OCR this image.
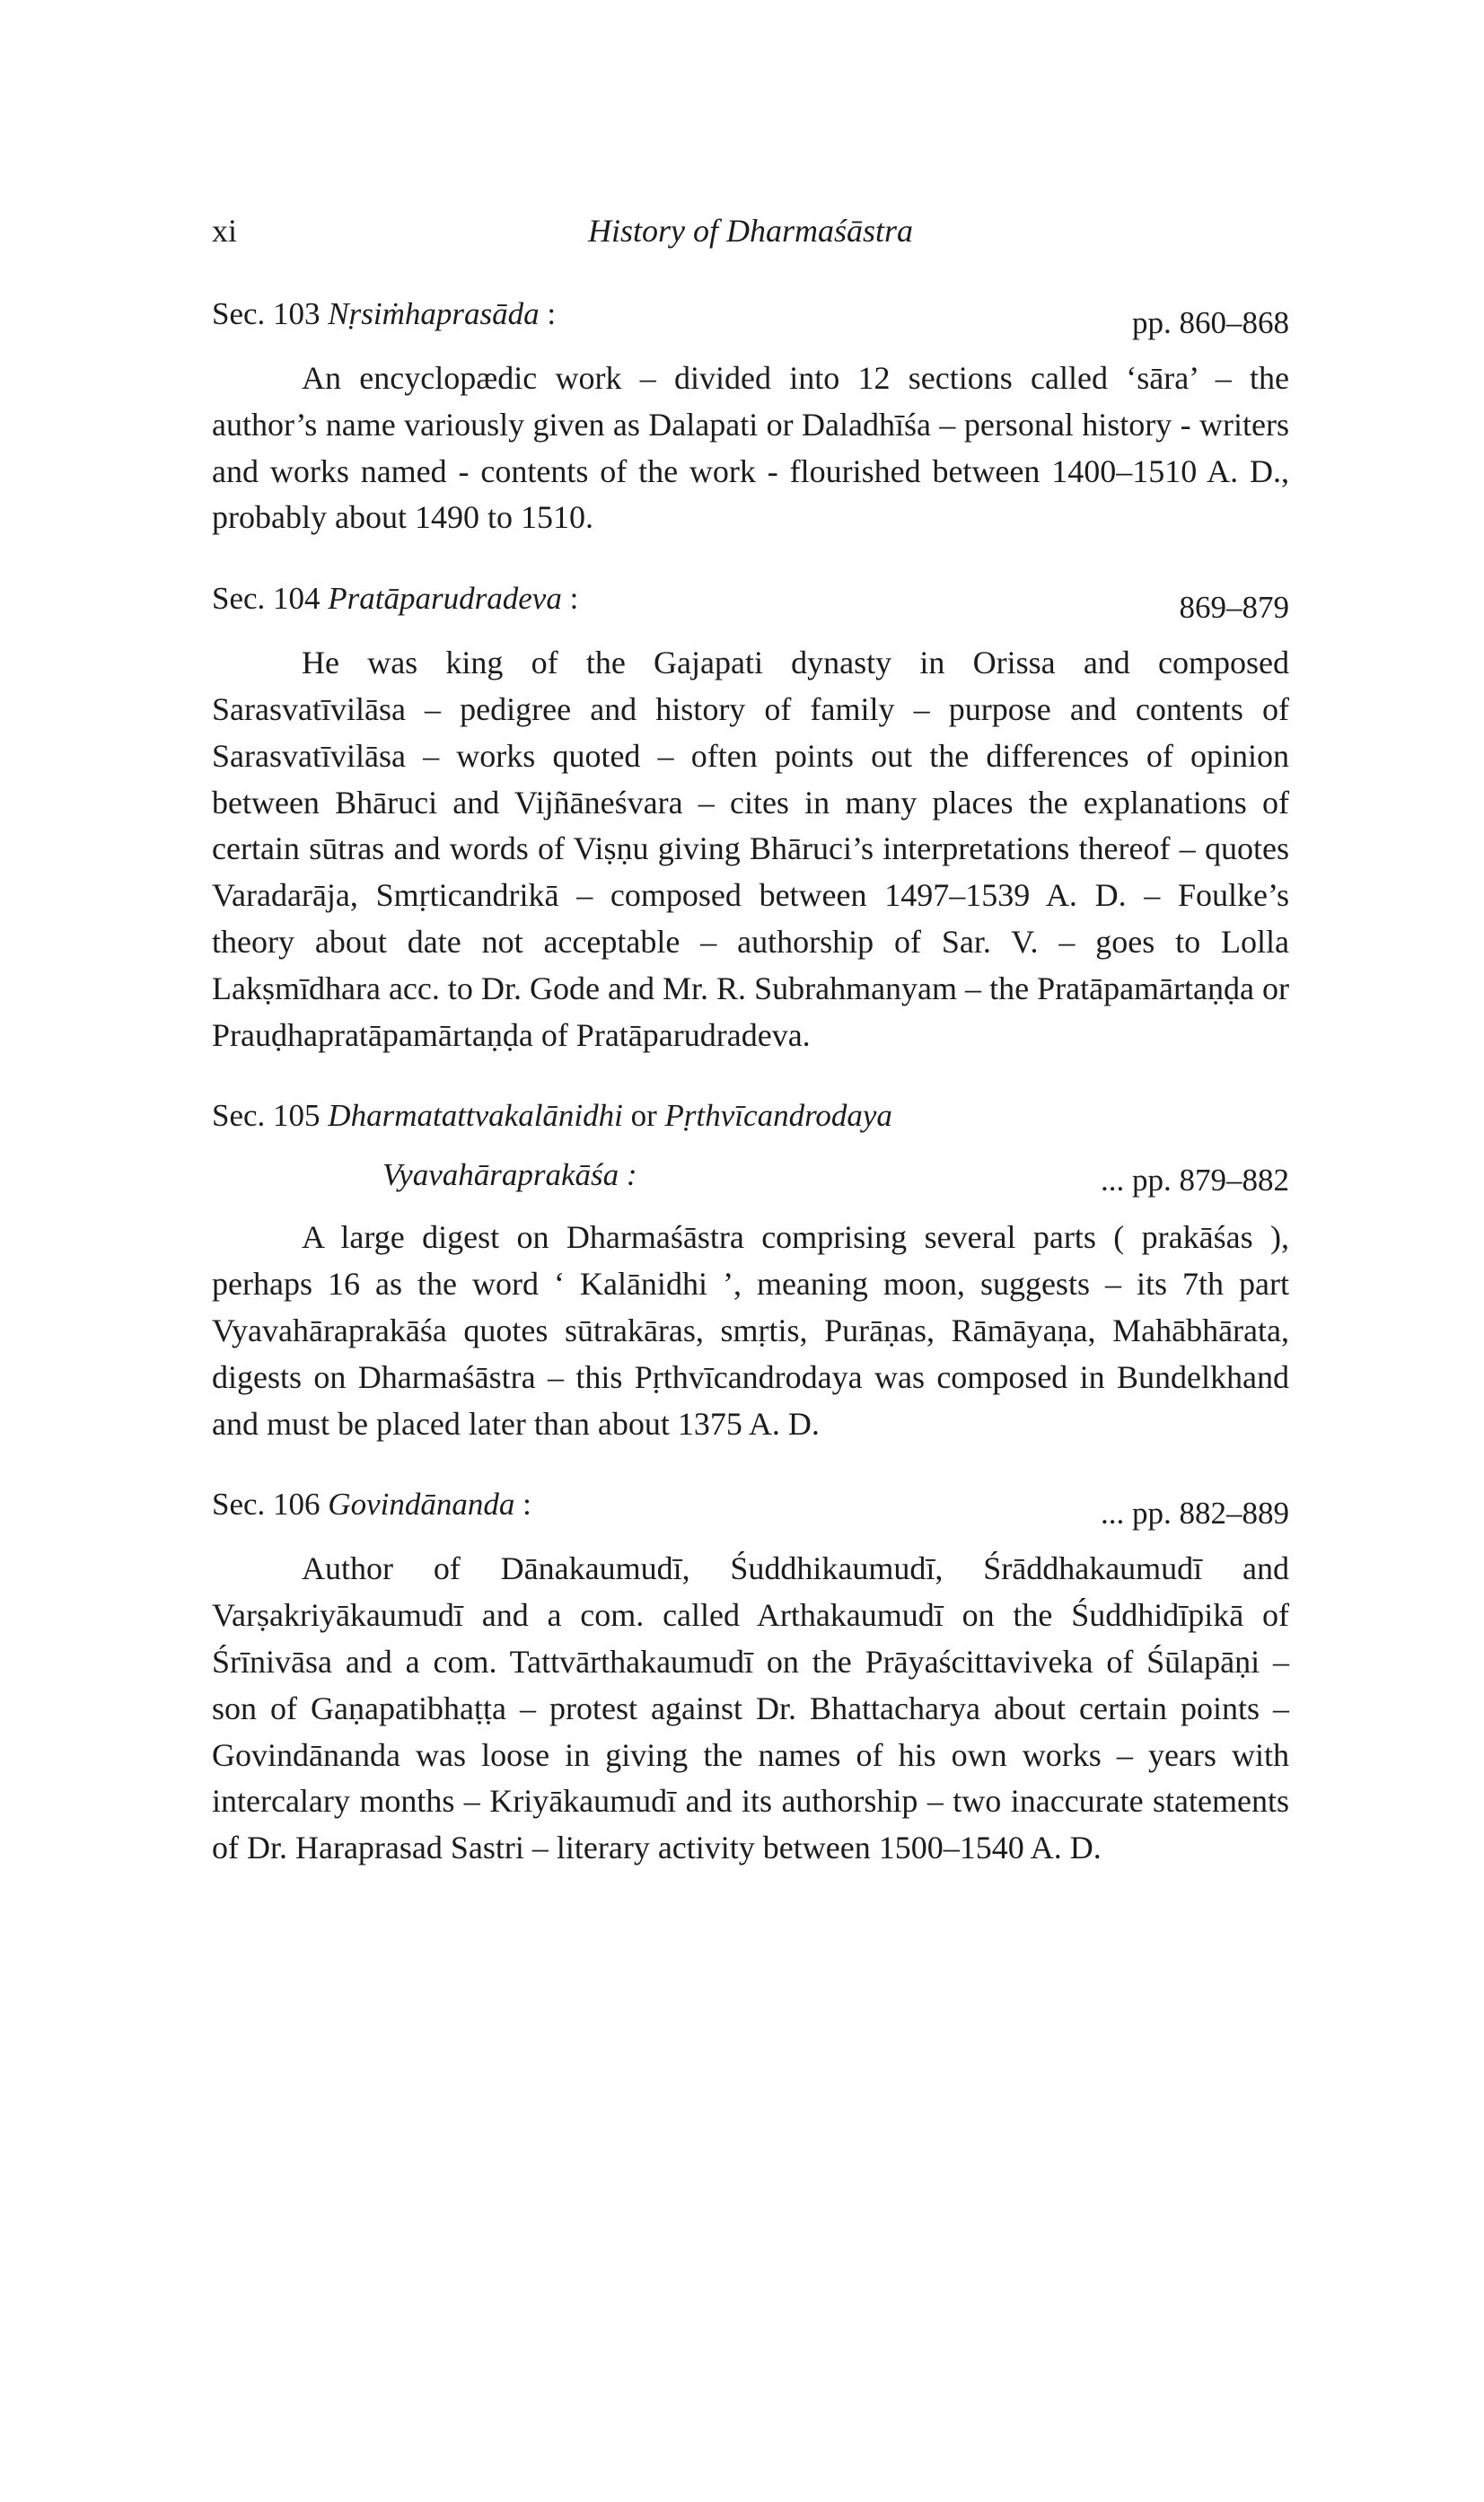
xi	History of Dharmaśāstra
Sec. 103 Nṛsiṁhaprasāda :	pp. 860–868

An encyclopædic work – divided into 12 sections called ‘sāra’ – the author’s name variously given as Dalapati or Daladhīśa – personal history - writers and works named - contents of the work - flourished between 1400–1510 A. D., probably about 1490 to 1510.

Sec. 104 Pratāparudradeva :	869–879

He was king of the Gajapati dynasty in Orissa and composed Sarasvatīvilāsa – pedigree and history of family – purpose and contents of Sarasvatīvilāsa – works quoted – often points out the differences of opinion between Bhāruci and Vijñāneśvara – cites in many places the explanations of certain sūtras and words of Viṣṇu giving Bhāruci’s interpretations thereof – quotes Varadarāja, Smṛticandrikā – composed between 1497–1539 A. D. – Foulke’s theory about date not acceptable – authorship of Sar. V. – goes to Lolla Lakṣmīdhara acc. to Dr. Gode and Mr. R. Subrahmanyam – the Pratāpamārtaṇḍa or Prauḍhapratāpamārtaṇḍa of Pratāparudradeva.

Sec. 105 Dharmatattvakalānidhi or Pṛthvīcandrodaya
Vyavahāraprakāśa :	... pp. 879–882

A large digest on Dharmaśāstra comprising several parts ( prakāśas ), perhaps 16 as the word ‘ Kalānidhi ’, meaning moon, suggests – its 7th part Vyavahāraprakāśa quotes sūtrakāras, smṛtis, Purāṇas, Rāmāyaṇa, Mahābhārata, digests on Dharmaśāstra – this Pṛthvīcandrodaya was composed in Bundelkhand and must be placed later than about 1375 A. D.

Sec. 106 Govindānanda :	... pp. 882–889

Author of Dānakaumudī, Śuddhikaumudī, Śrāddhakaumudī and Varṣakriyākaumudī and a com. called Arthakaumudī on the Śuddhidīpikā of Śrīnivāsa and a com. Tattvārthakaumudī on the Prāyaścittaviveka of Śūlapāṇi – son of Gaṇapatibhaṭṭa – protest against Dr. Bhattacharya about certain points – Govindānanda was loose in giving the names of his own works – years with intercalary months – Kriyākaumudī and its authorship – two inaccurate statements of Dr. Haraprasad Sastri – literary activity between 1500–1540 A. D.
